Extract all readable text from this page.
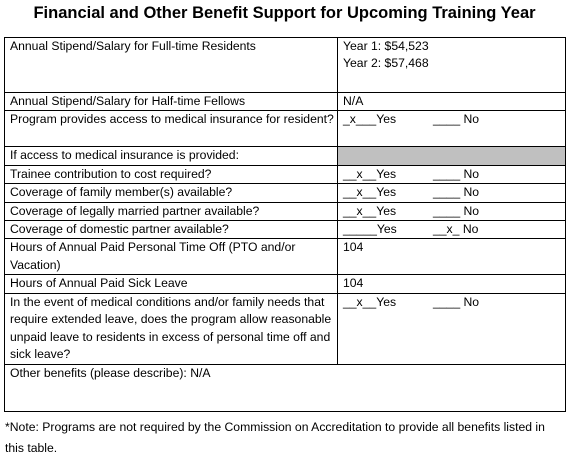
Financial and Other Benefit Support for Upcoming Training Year
Annual Stipend/Salary for Full-time Residents	Year 1: $54,523
Year 2: $57,468

Annual Stipend/Salary for Half-time Fellows	N/A
Program provides access to medical insurance for resident?	_x___Yes ____ No
If access to medical insurance is provided:	
Trainee contribution to cost required?	__x__Yes ____ No
Coverage of family member(s) available?	__x__Yes ____ No
Coverage of legally married partner available?	__x__Yes ____ No
Coverage of domestic partner available?	_____Yes __x_ No
Hours of Annual Paid Personal Time Off (PTO and/or Vacation)	104
Hours of Annual Paid Sick Leave	104
In the event of medical conditions and/or family needs that require extended leave, does the program allow reasonable unpaid leave to residents in excess of personal time off and sick leave?	__x__Yes ____ No
Other benefits (please describe): N/A	
*Note: Programs are not required by the Commission on Accreditation to provide all benefits listed in this table.
